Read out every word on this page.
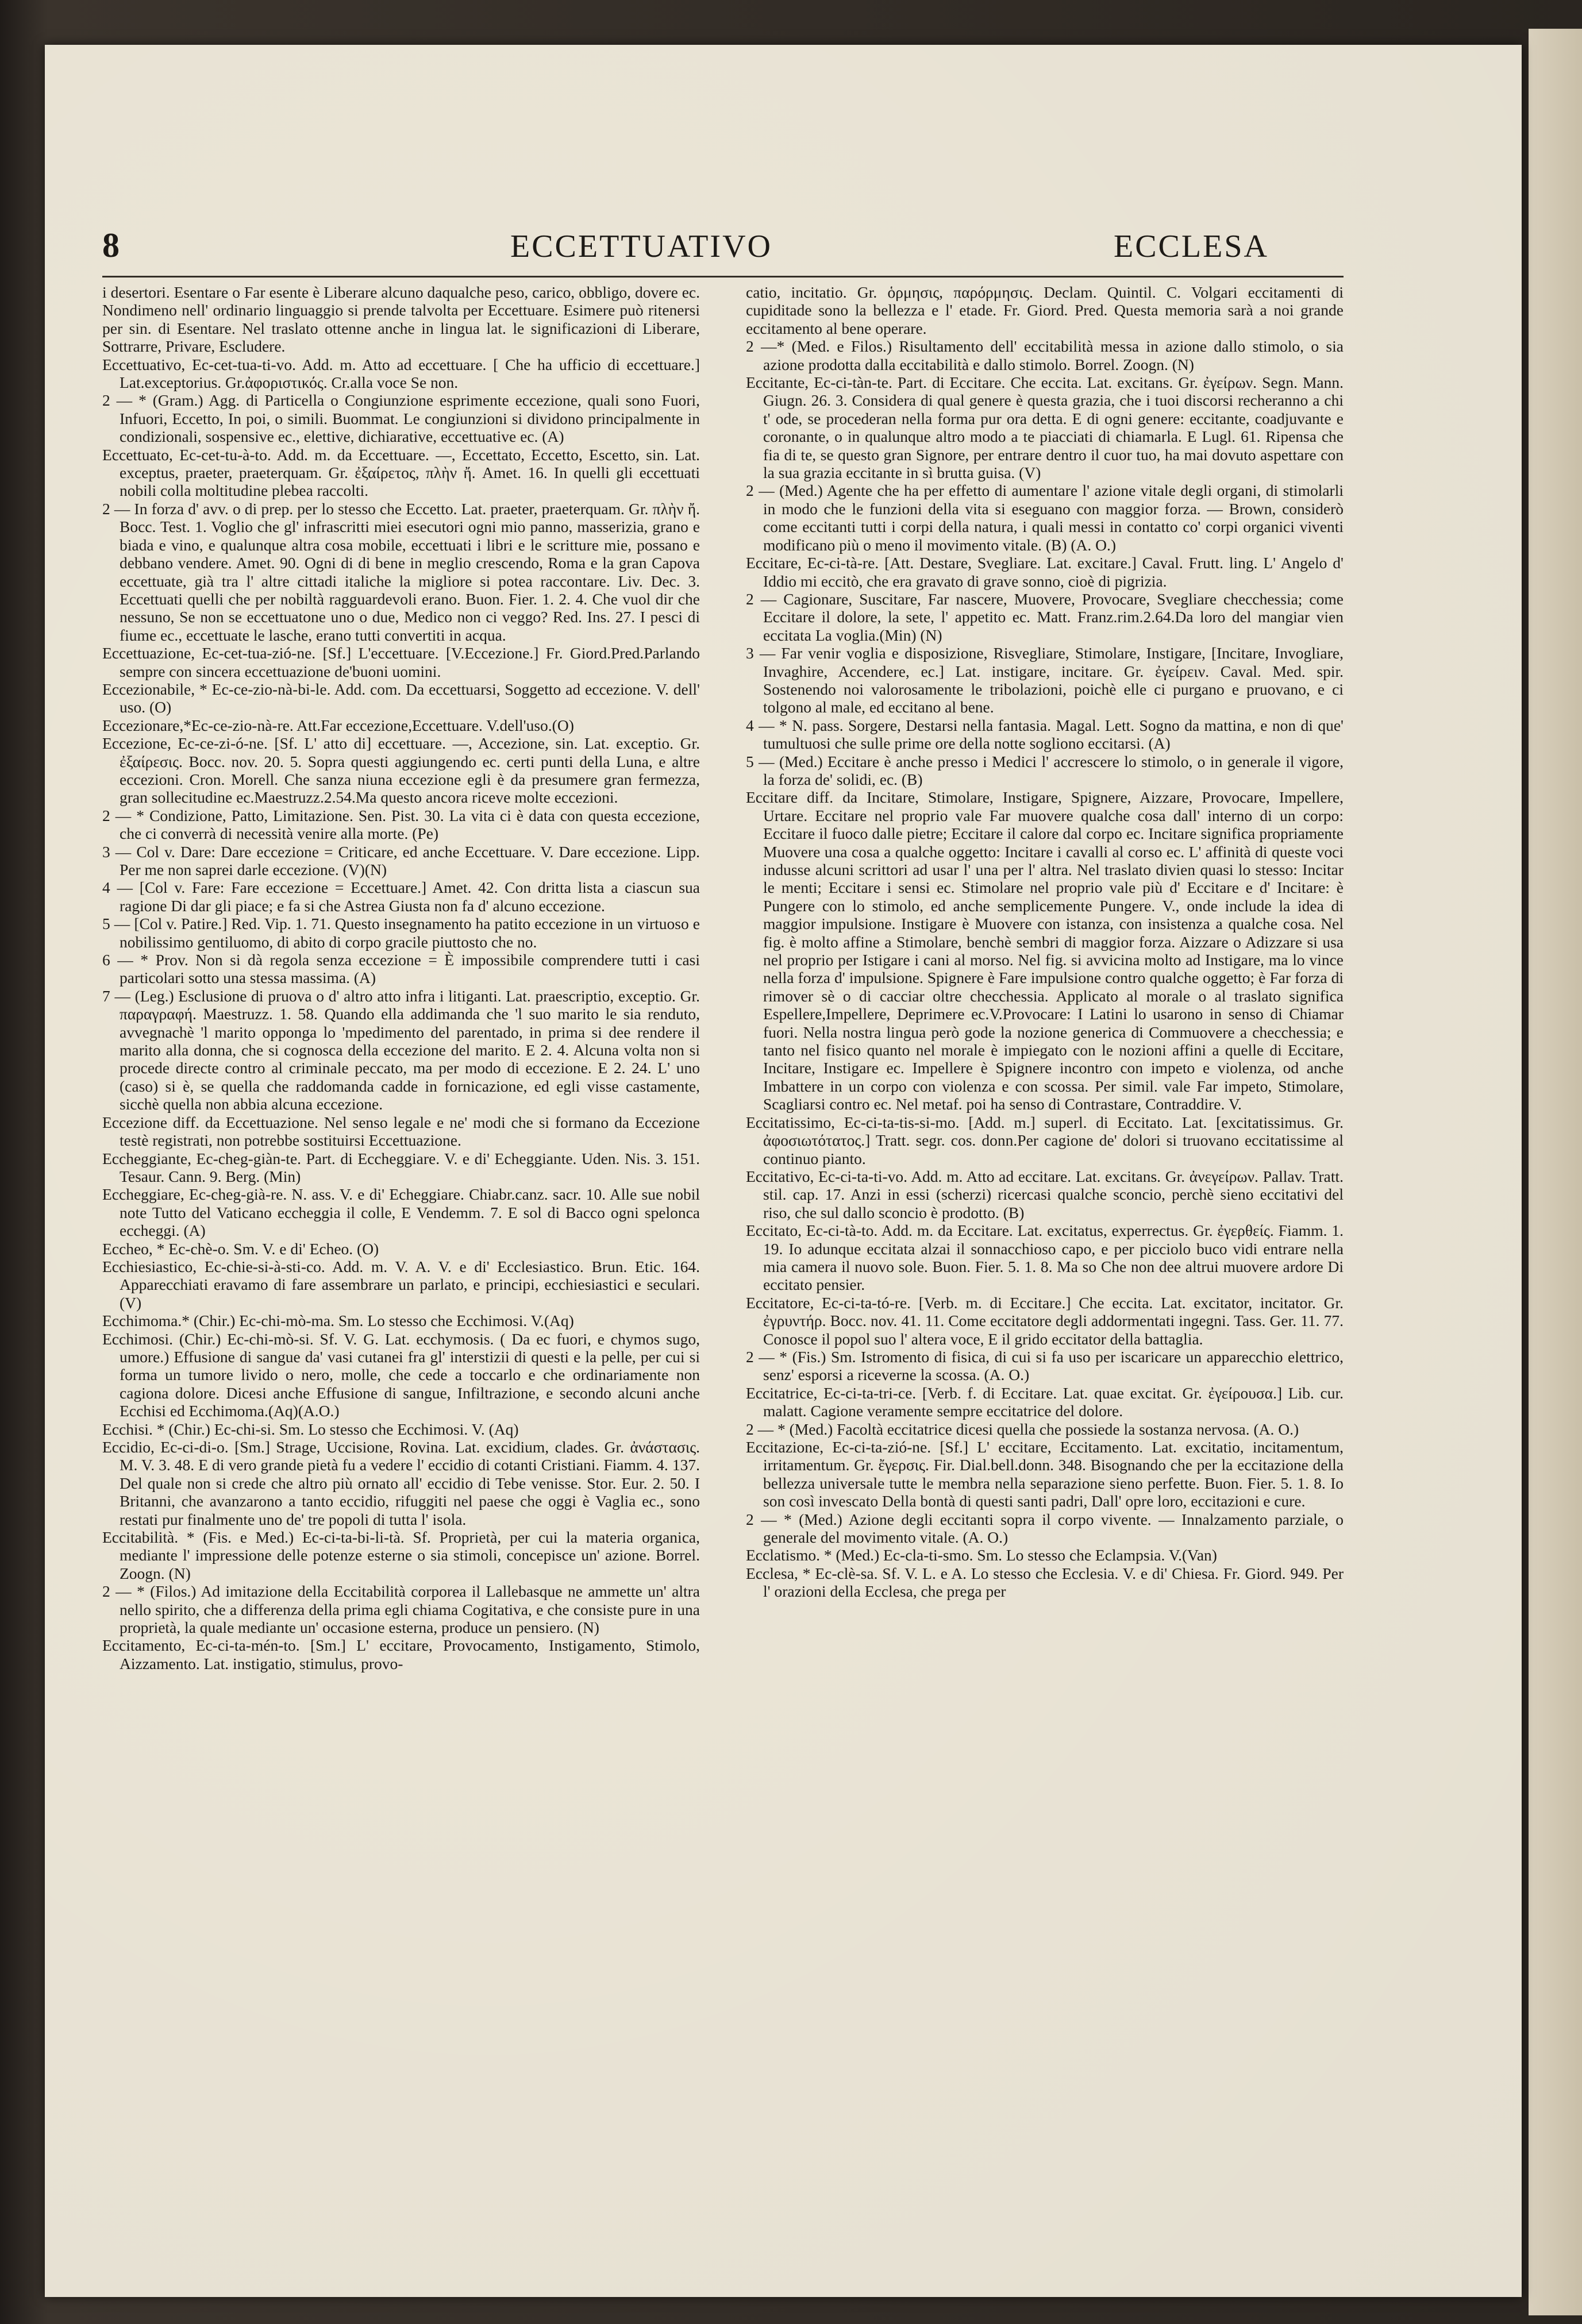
8	ECCETTUATIVO	ECCLESA

i desertori. Esentare o Far esente è Liberare alcuno daqualche peso, carico, obbligo, dovere ec. Nondimeno nell' ordinario linguaggio si prende talvolta per Eccettuare. Esimere può ritenersi per sin. di Esentare. Nel traslato ottenne anche in lingua lat. le significazioni di Liberare, Sottrarre, Privare, Escludere.

Eccettuativo, Ec-cet-tua-ti-vo. Add. m. Atto ad eccettuare. [ Che ha ufficio di eccettuare.] Lat.exceptorius. Gr.ἀφοριστικός. Cr.alla voce Se non.

2 — * (Gram.) Agg. di Particella o Congiunzione esprimente eccezione, quali sono Fuori, Infuori, Eccetto, In poi, o simili. Buommat. Le congiunzioni si dividono principalmente in condizionali, sospensive ec., elettive, dichiarative, eccettuative ec. (A)

Eccettuato, Ec-cet-tu-à-to. Add. m. da Eccettuare. —, Eccettato, Eccetto, Escetto, sin. Lat. exceptus, praeter, praeterquam. Gr. ἐξαίρετος, πλὴν ἤ. Amet. 16. In quelli gli eccettuati nobili colla moltitudine plebea raccolti.

2 — In forza d' avv. o di prep. per lo stesso che Eccetto. Lat. praeter, praeterquam. Gr. πλὴν ἤ. Bocc. Test. 1. Voglio che gl' infrascritti miei esecutori ogni mio panno, masserizia, grano e biada e vino, e qualunque altra cosa mobile, eccettuati i libri e le scritture mie, possano e debbano vendere. Amet. 90. Ogni di di bene in meglio crescendo, Roma e la gran Capova eccettuate, già tra l' altre cittadi italiche la migliore si potea raccontare. Liv. Dec. 3. Eccettuati quelli che per nobiltà ragguardevoli erano. Buon. Fier. 1. 2. 4. Che vuol dir che nessuno, Se non se eccettuatone uno o due, Medico non ci veggo? Red. Ins. 27. I pesci di fiume ec., eccettuate le lasche, erano tutti convertiti in acqua.

Eccettuazione, Ec-cet-tua-zió-ne. [Sf.] L'eccettuare. [V.Eccezione.] Fr. Giord.Pred.Parlando sempre con sincera eccettuazione de'buoni uomini.

Eccezionabile, * Ec-ce-zio-nà-bi-le. Add. com. Da eccettuarsi, Soggetto ad eccezione. V. dell' uso. (O)

Eccezionare,*Ec-ce-zio-nà-re. Att.Far eccezione,Eccettuare. V.dell'uso.(O)

Eccezione, Ec-ce-zi-ó-ne. [Sf. L' atto di] eccettuare. —, Accezione, sin. Lat. exceptio. Gr. ἐξαίρεσις. Bocc. nov. 20. 5. Sopra questi aggiungendo ec. certi punti della Luna, e altre eccezioni. Cron. Morell. Che sanza niuna eccezione egli è da presumere gran fermezza, gran sollecitudine ec.Maestruzz.2.54.Ma questo ancora riceve molte eccezioni.

2 — * Condizione, Patto, Limitazione. Sen. Pist. 30. La vita ci è data con questa eccezione, che ci converrà di necessità venire alla morte. (Pe)

3 — Col v. Dare: Dare eccezione = Criticare, ed anche Eccettuare. V. Dare eccezione. Lipp. Per me non saprei darle eccezione. (V)(N)

4 — [Col v. Fare: Fare eccezione = Eccettuare.] Amet. 42. Con dritta lista a ciascun sua ragione Di dar gli piace; e fa si che Astrea Giusta non fa d' alcuno eccezione.

5 — [Col v. Patire.] Red. Vip. 1. 71. Questo insegnamento ha patito eccezione in un virtuoso e nobilissimo gentiluomo, di abito di corpo gracile piuttosto che no.

6 — * Prov. Non si dà regola senza eccezione = È impossibile comprendere tutti i casi particolari sotto una stessa massima. (A)

7 — (Leg.) Esclusione di pruova o d' altro atto infra i litiganti. Lat. praescriptio, exceptio. Gr. παραγραφή. Maestruzz. 1. 58. Quando ella addimanda che 'l suo marito le sia renduto, avvegnachè 'l marito opponga lo 'mpedimento del parentado, in prima si dee rendere il marito alla donna, che si cognosca della eccezione del marito. E 2. 4. Alcuna volta non si procede directe contro al criminale peccato, ma per modo di eccezione. E 2. 24. L' uno (caso) si è, se quella che raddomanda cadde in fornicazione, ed egli visse castamente, sicchè quella non abbia alcuna eccezione.

Eccezione diff. da Eccettuazione. Nel senso legale e ne' modi che si formano da Eccezione testè registrati, non potrebbe sostituirsi Eccettuazione.

Eccheggiante, Ec-cheg-giàn-te. Part. di Eccheggiare. V. e di' Echeggiante. Uden. Nis. 3. 151. Tesaur. Cann. 9. Berg. (Min)

Eccheggiare, Ec-cheg-già-re. N. ass. V. e di' Echeggiare. Chiabr.canz. sacr. 10. Alle sue nobil note Tutto del Vaticano eccheggia il colle, E Vendemm. 7. E sol di Bacco ogni spelonca eccheggi. (A)

Eccheo, * Ec-chè-o. Sm. V. e di' Echeo. (O)

Ecchiesiastico, Ec-chie-si-à-sti-co. Add. m. V. A. V. e di' Ecclesiastico. Brun. Etic. 164. Apparecchiati eravamo di fare assembrare un parlato, e principi, ecchiesiastici e seculari. (V)

Ecchimoma.* (Chir.) Ec-chi-mò-ma. Sm. Lo stesso che Ecchimosi. V.(Aq)

Ecchimosi. (Chir.) Ec-chi-mò-si. Sf. V. G. Lat. ecchymosis. ( Da ec fuori, e chymos sugo, umore.) Effusione di sangue da' vasi cutanei fra gl' interstizii di questi e la pelle, per cui si forma un tumore livido o nero, molle, che cede a toccarlo e che ordinariamente non cagiona dolore. Dicesi anche Effusione di sangue, Infiltrazione, e secondo alcuni anche Ecchisi ed Ecchimoma.(Aq)(A.O.)

Ecchisi. * (Chir.) Ec-chi-si. Sm. Lo stesso che Ecchimosi. V. (Aq)

Eccidio, Ec-ci-di-o. [Sm.] Strage, Uccisione, Rovina. Lat. excidium, clades. Gr. ἀνάστασις. M. V. 3. 48. E di vero grande pietà fu a vedere l' eccidio di cotanti Cristiani. Fiamm. 4. 137. Del quale non si crede che altro più ornato all' eccidio di Tebe venisse. Stor. Eur. 2. 50. I Britanni, che avanzarono a tanto eccidio, rifuggiti nel paese che oggi è Vaglia ec., sono restati pur finalmente uno de' tre popoli di tutta l' isola.

Eccitabilità. * (Fis. e Med.) Ec-ci-ta-bi-li-tà. Sf. Proprietà, per cui la materia organica, mediante l' impressione delle potenze esterne o sia stimoli, concepisce un' azione. Borrel. Zoogn. (N)

2 — * (Filos.) Ad imitazione della Eccitabilità corporea il Lallebasque ne ammette un' altra nello spirito, che a differenza della prima egli chiama Cogitativa, e che consiste pure in una proprietà, la quale mediante un' occasione esterna, produce un pensiero. (N)

Eccitamento, Ec-ci-ta-mén-to. [Sm.] L' eccitare, Provocamento, Instigamento, Stimolo, Aizzamento. Lat. instigatio, stimulus, provo-

catio, incitatio. Gr. ὁρμησις, παρόρμησις. Declam. Quintil. C. Volgari eccitamenti di cupiditade sono la bellezza e l' etade. Fr. Giord. Pred. Questa memoria sarà a noi grande eccitamento al bene operare.

2 —* (Med. e Filos.) Risultamento dell' eccitabilità messa in azione dallo stimolo, o sia azione prodotta dalla eccitabilità e dallo stimolo. Borrel. Zoogn. (N)

Eccitante, Ec-ci-tàn-te. Part. di Eccitare. Che eccita. Lat. excitans. Gr. ἐγείρων. Segn. Mann. Giugn. 26. 3. Considera di qual genere è questa grazia, che i tuoi discorsi recheranno a chi t' ode, se procederan nella forma pur ora detta. E di ogni genere: eccitante, coadjuvante e coronante, o in qualunque altro modo a te piacciati di chiamarla. E Lugl. 61. Ripensa che fia di te, se questo gran Signore, per entrare dentro il cuor tuo, ha mai dovuto aspettare con la sua grazia eccitante in sì brutta guisa. (V)

2 — (Med.) Agente che ha per effetto di aumentare l' azione vitale degli organi, di stimolarli in modo che le funzioni della vita si eseguano con maggior forza. — Brown, considerò come eccitanti tutti i corpi della natura, i quali messi in contatto co' corpi organici viventi modificano più o meno il movimento vitale. (B) (A. O.)

Eccitare, Ec-ci-tà-re. [Att. Destare, Svegliare. Lat. excitare.] Caval. Frutt. ling. L' Angelo d' Iddio mi eccitò, che era gravato di grave sonno, cioè di pigrizia.

2 — Cagionare, Suscitare, Far nascere, Muovere, Provocare, Svegliare checchessia; come Eccitare il dolore, la sete, l' appetito ec. Matt. Franz.rim.2.64.Da loro del mangiar vien eccitata La voglia.(Min) (N)

3 — Far venir voglia e disposizione, Risvegliare, Stimolare, Instigare, [Incitare, Invogliare, Invaghire, Accendere, ec.] Lat. instigare, incitare. Gr. ἐγείρειν. Caval. Med. spir. Sostenendo noi valorosamente le tribolazioni, poichè elle ci purgano e pruovano, e ci tolgono al male, ed eccitano al bene.

4 — * N. pass. Sorgere, Destarsi nella fantasia. Magal. Lett. Sogno da mattina, e non di que' tumultuosi che sulle prime ore della notte sogliono eccitarsi. (A)

5 — (Med.) Eccitare è anche presso i Medici l' accrescere lo stimolo, o in generale il vigore, la forza de' solidi, ec. (B)

Eccitare diff. da Incitare, Stimolare, Instigare, Spignere, Aizzare, Provocare, Impellere, Urtare. Eccitare nel proprio vale Far muovere qualche cosa dall' interno di un corpo: Eccitare il fuoco dalle pietre; Eccitare il calore dal corpo ec. Incitare significa propriamente Muovere una cosa a qualche oggetto: Incitare i cavalli al corso ec. L' affinità di queste voci indusse alcuni scrittori ad usar l' una per l' altra. Nel traslato divien quasi lo stesso: Incitar le menti; Eccitare i sensi ec. Stimolare nel proprio vale più d' Eccitare e d' Incitare: è Pungere con lo stimolo, ed anche semplicemente Pungere. V., onde include la idea di maggior impulsione. Instigare è Muovere con istanza, con insistenza a qualche cosa. Nel fig. è molto affine a Stimolare, benchè sembri di maggior forza. Aizzare o Adizzare si usa nel proprio per Istigare i cani al morso. Nel fig. si avvicina molto ad Instigare, ma lo vince nella forza d' impulsione. Spignere è Fare impulsione contro qualche oggetto; è Far forza di rimover sè o di cacciar oltre checchessia. Applicato al morale o al traslato significa Espellere,Impellere, Deprimere ec.V.Provocare: I Latini lo usarono in senso di Chiamar fuori. Nella nostra lingua però gode la nozione generica di Commuovere a checchessia; e tanto nel fisico quanto nel morale è impiegato con le nozioni affini a quelle di Eccitare, Incitare, Instigare ec. Impellere è Spignere incontro con impeto e violenza, od anche Imbattere in un corpo con violenza e con scossa. Per simil. vale Far impeto, Stimolare, Scagliarsi contro ec. Nel metaf. poi ha senso di Contrastare, Contraddire. V.

Eccitatissimo, Ec-ci-ta-tis-si-mo. [Add. m.] superl. di Eccitato. Lat. [excitatissimus. Gr. ἀφοσιωτότατος.] Tratt. segr. cos. donn.Per cagione de' dolori si truovano eccitatissime al continuo pianto.

Eccitativo, Ec-ci-ta-ti-vo. Add. m. Atto ad eccitare. Lat. excitans. Gr. ἀνεγείρων. Pallav. Tratt. stil. cap. 17. Anzi in essi (scherzi) ricercasi qualche sconcio, perchè sieno eccitativi del riso, che sul dallo sconcio è prodotto. (B)

Eccitato, Ec-ci-tà-to. Add. m. da Eccitare. Lat. excitatus, experrectus. Gr. ἐγερθείς. Fiamm. 1. 19. Io adunque eccitata alzai il sonnacchioso capo, e per picciolo buco vidi entrare nella mia camera il nuovo sole. Buon. Fier. 5. 1. 8. Ma so Che non dee altrui muovere ardore Di eccitato pensier.

Eccitatore, Ec-ci-ta-tó-re. [Verb. m. di Eccitare.] Che eccita. Lat. excitator, incitator. Gr. ἐγρυντήρ. Bocc. nov. 41. 11. Come eccitatore degli addormentati ingegni. Tass. Ger. 11. 77. Conosce il popol suo l' altera voce, E il grido eccitator della battaglia.

2 — * (Fis.) Sm. Istromento di fisica, di cui si fa uso per iscaricare un apparecchio elettrico, senz' esporsi a riceverne la scossa. (A. O.)

Eccitatrice, Ec-ci-ta-tri-ce. [Verb. f. di Eccitare. Lat. quae excitat. Gr. ἐγείρουσα.] Lib. cur. malatt. Cagione veramente sempre eccitatrice del dolore.

2 — * (Med.) Facoltà eccitatrice dicesi quella che possiede la sostanza nervosa. (A. O.)

Eccitazione, Ec-ci-ta-zió-ne. [Sf.] L' eccitare, Eccitamento. Lat. excitatio, incitamentum, irritamentum. Gr. ἔγερσις. Fir. Dial.bell.donn. 348. Bisognando che per la eccitazione della bellezza universale tutte le membra nella separazione sieno perfette. Buon. Fier. 5. 1. 8. Io son così invescato Della bontà di questi santi padri, Dall' opre loro, eccitazioni e cure.

2 — * (Med.) Azione degli eccitanti sopra il corpo vivente. — Innalzamento parziale, o generale del movimento vitale. (A. O.)

Ecclatismo. * (Med.) Ec-cla-ti-smo. Sm. Lo stesso che Eclampsia. V.(Van)

Ecclesa, * Ec-clè-sa. Sf. V. L. e A. Lo stesso che Ecclesia. V. e di' Chiesa. Fr. Giord. 949. Per l' orazioni della Ecclesa, che prega per
